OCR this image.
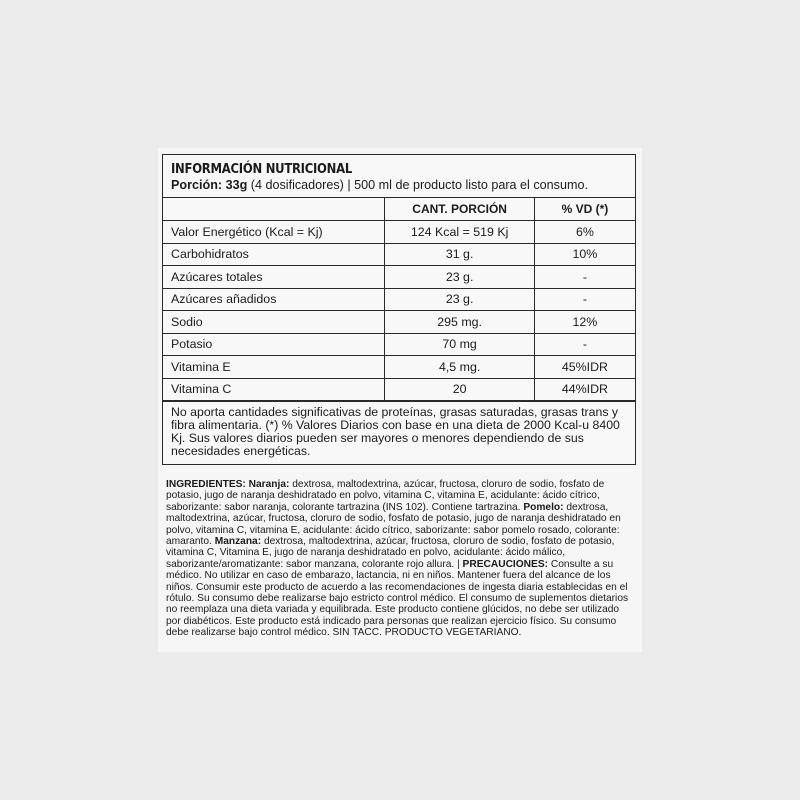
INFORMACIÓN NUTRICIONAL
Porción: 33g (4 dosificadores) | 500 ml de producto listo para el consumo.
	CANT. PORCIÓN	% VD (*)
Valor Energético (Kcal = Kj)	124 Kcal = 519 Kj	6%
Carbohidratos	31 g.	10%
Azúcares totales	23 g.	-
Azúcares añadidos	23 g.	-
Sodio	295 mg.	12%
Potasio	70 mg	-
Vitamina E	4,5 mg.	45%IDR
Vitamina C	20	44%IDR
No aporta cantidades significativas de proteínas, grasas saturadas, grasas trans y fibra alimentaria. (*) % Valores Diarios con base en una dieta de 2000 Kcal-u 8400 Kj. Sus valores diarios pueden ser mayores o menores dependiendo de sus necesidades energéticas.
INGREDIENTES: Naranja: dextrosa, maltodextrina, azúcar, fructosa, cloruro de sodio, fosfato de potasio, jugo de naranja deshidratado en polvo, vitamina C, vitamina E, acidulante: ácido cítrico, saborizante: sabor naranja, colorante tartrazina (INS 102). Contiene tartrazina. Pomelo: dextrosa, maltodextrina, azúcar, fructosa, cloruro de sodio, fosfato de potasio, jugo de naranja deshidratado en polvo, vitamina C, vitamina E, acidulante: ácido cítrico, saborizante: sabor pomelo rosado, colorante: amaranto. Manzana: dextrosa, maltodextrina, azúcar, fructosa, cloruro de sodio, fosfato de potasio, vitamina C, Vitamina E, jugo de naranja deshidratado en polvo, acidulante: ácido málico, saborizante/aromatizante: sabor manzana, colorante rojo allura. | PRECAUCIONES: Consulte a su médico. No utilizar en caso de embarazo, lactancia, ni en niños. Mantener fuera del alcance de los niños. Consumir este producto de acuerdo a las recomendaciones de ingesta diaria establecidas en el rótulo. Su consumo debe realizarse bajo estricto control médico. El consumo de suplementos dietarios no reemplaza una dieta variada y equilibrada. Este producto contiene glúcidos, no debe ser utilizado por diabéticos. Este producto está indicado para personas que realizan ejercicio físico. Su consumo debe realizarse bajo control médico. SIN TACC. PRODUCTO VEGETARIANO.
